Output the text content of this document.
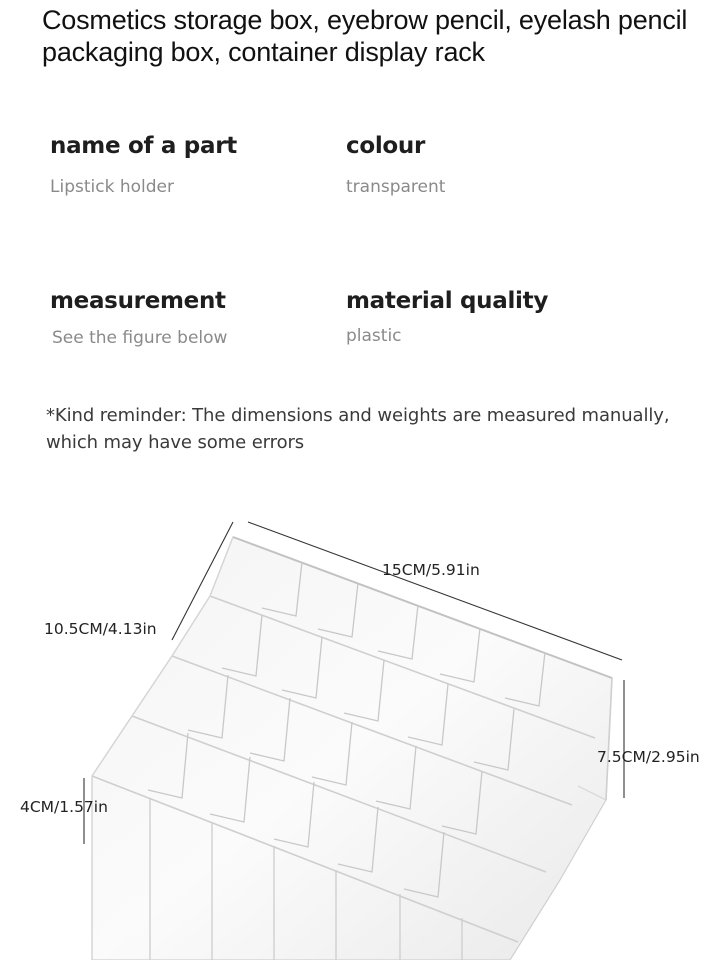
Cosmetics storage box, eyebrow pencil, eyelash pencil packaging box, container display rack
name of a part
Lipstick holder
colour
transparent
measurement
See the figure below
material quality
plastic
*Kind reminder: The dimensions and weights are measured manually, which may have some errors
15CM/5.91in
10.5CM/4.13in
7.5CM/2.95in
4CM/1.57in
